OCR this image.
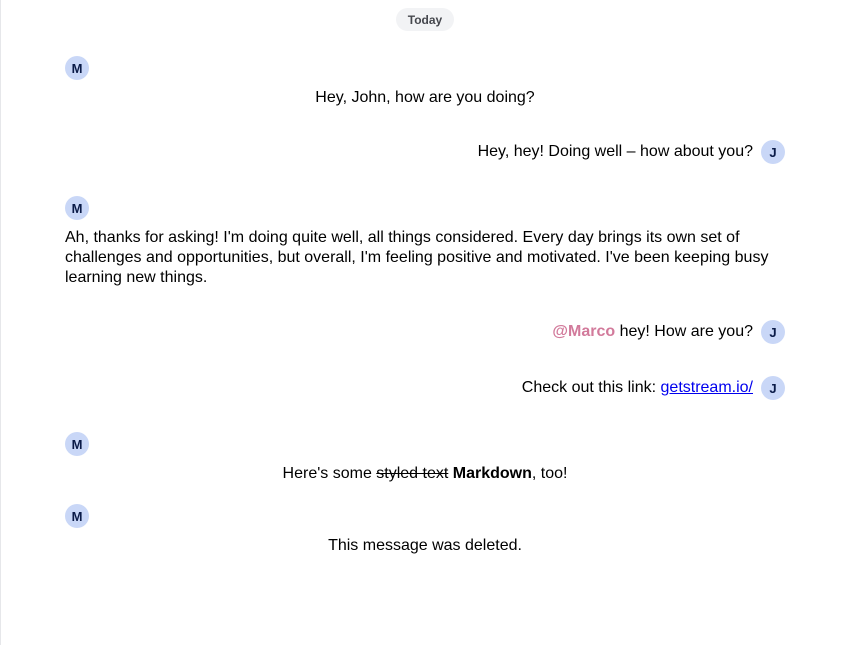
Today
M
Hey, John, how are you doing?
Hey, hey! Doing well – how about you?	J
M
Ah, thanks for asking! I'm doing quite well, all things considered. Every day brings its own set of challenges and opportunities, but overall, I'm feeling positive and motivated. I've been keeping busy learning new things.
@Marco hey! How are you?	J
Check out this link: getstream.io/	J
M
Here's some styled text Markdown, too!
M
This message was deleted.
